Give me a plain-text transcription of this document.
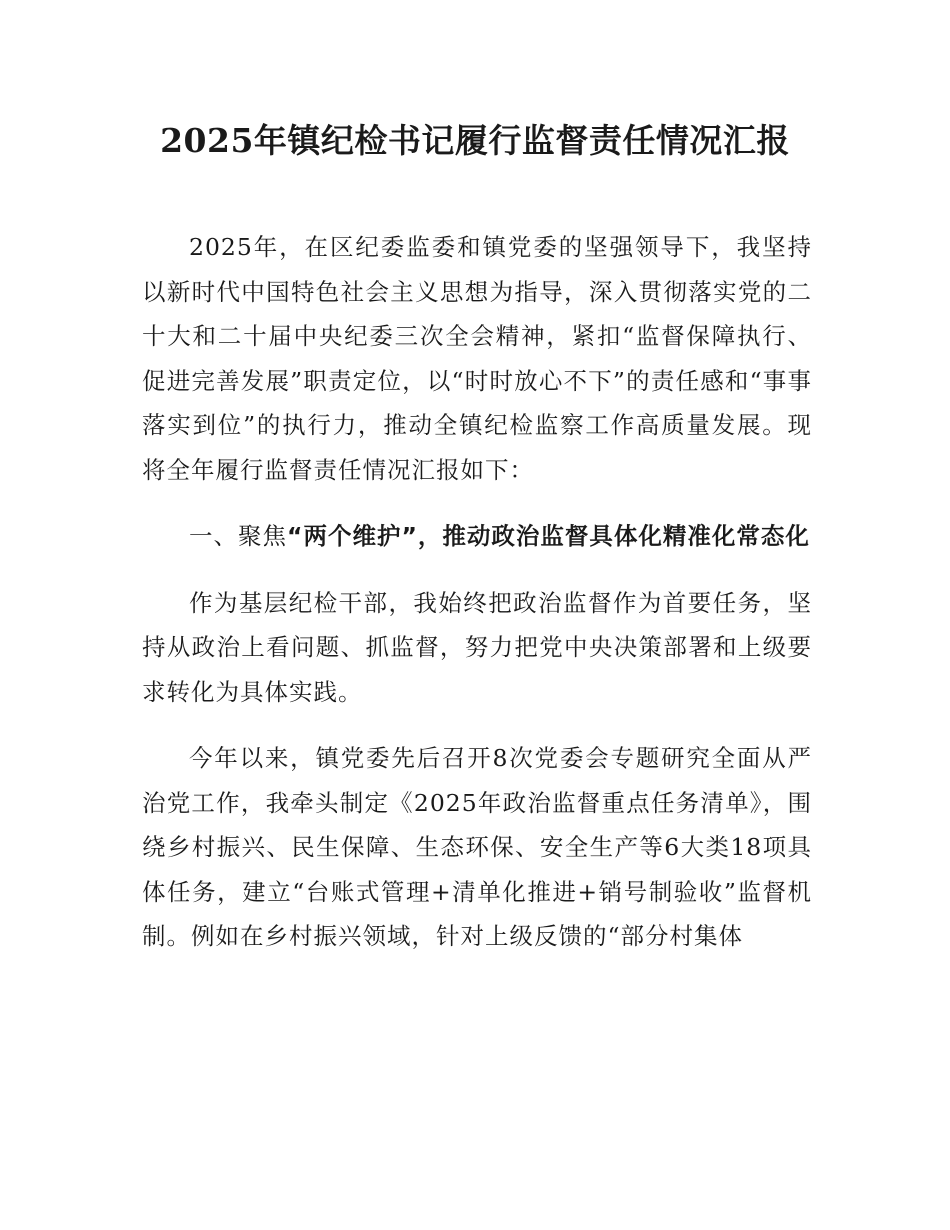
2025年镇纪检书记履行监督责任情况汇报

2025年，在区纪委监委和镇党委的坚强领导下，我坚持以新时代中国特色社会主义思想为指导，深入贯彻落实党的二十大和二十届中央纪委三次全会精神，紧扣“监督保障执行、促进完善发展”职责定位，以“时时放心不下”的责任感和“事事落实到位”的执行力，推动全镇纪检监察工作高质量发展。现将全年履行监督责任情况汇报如下：

一、聚焦“两个维护”，推动政治监督具体化精准化常态化

作为基层纪检干部，我始终把政治监督作为首要任务，坚持从政治上看问题、抓监督，努力把党中央决策部署和上级要求转化为具体实践。

今年以来，镇党委先后召开8次党委会专题研究全面从严治党工作，我牵头制定《2025年政治监督重点任务清单》，围绕乡村振兴、民生保障、生态环保、安全生产等6大类18项具体任务，建立“台账式管理+清单化推进+销号制验收”监督机制。例如在乡村振兴领域，针对上级反馈的“部分村集体
